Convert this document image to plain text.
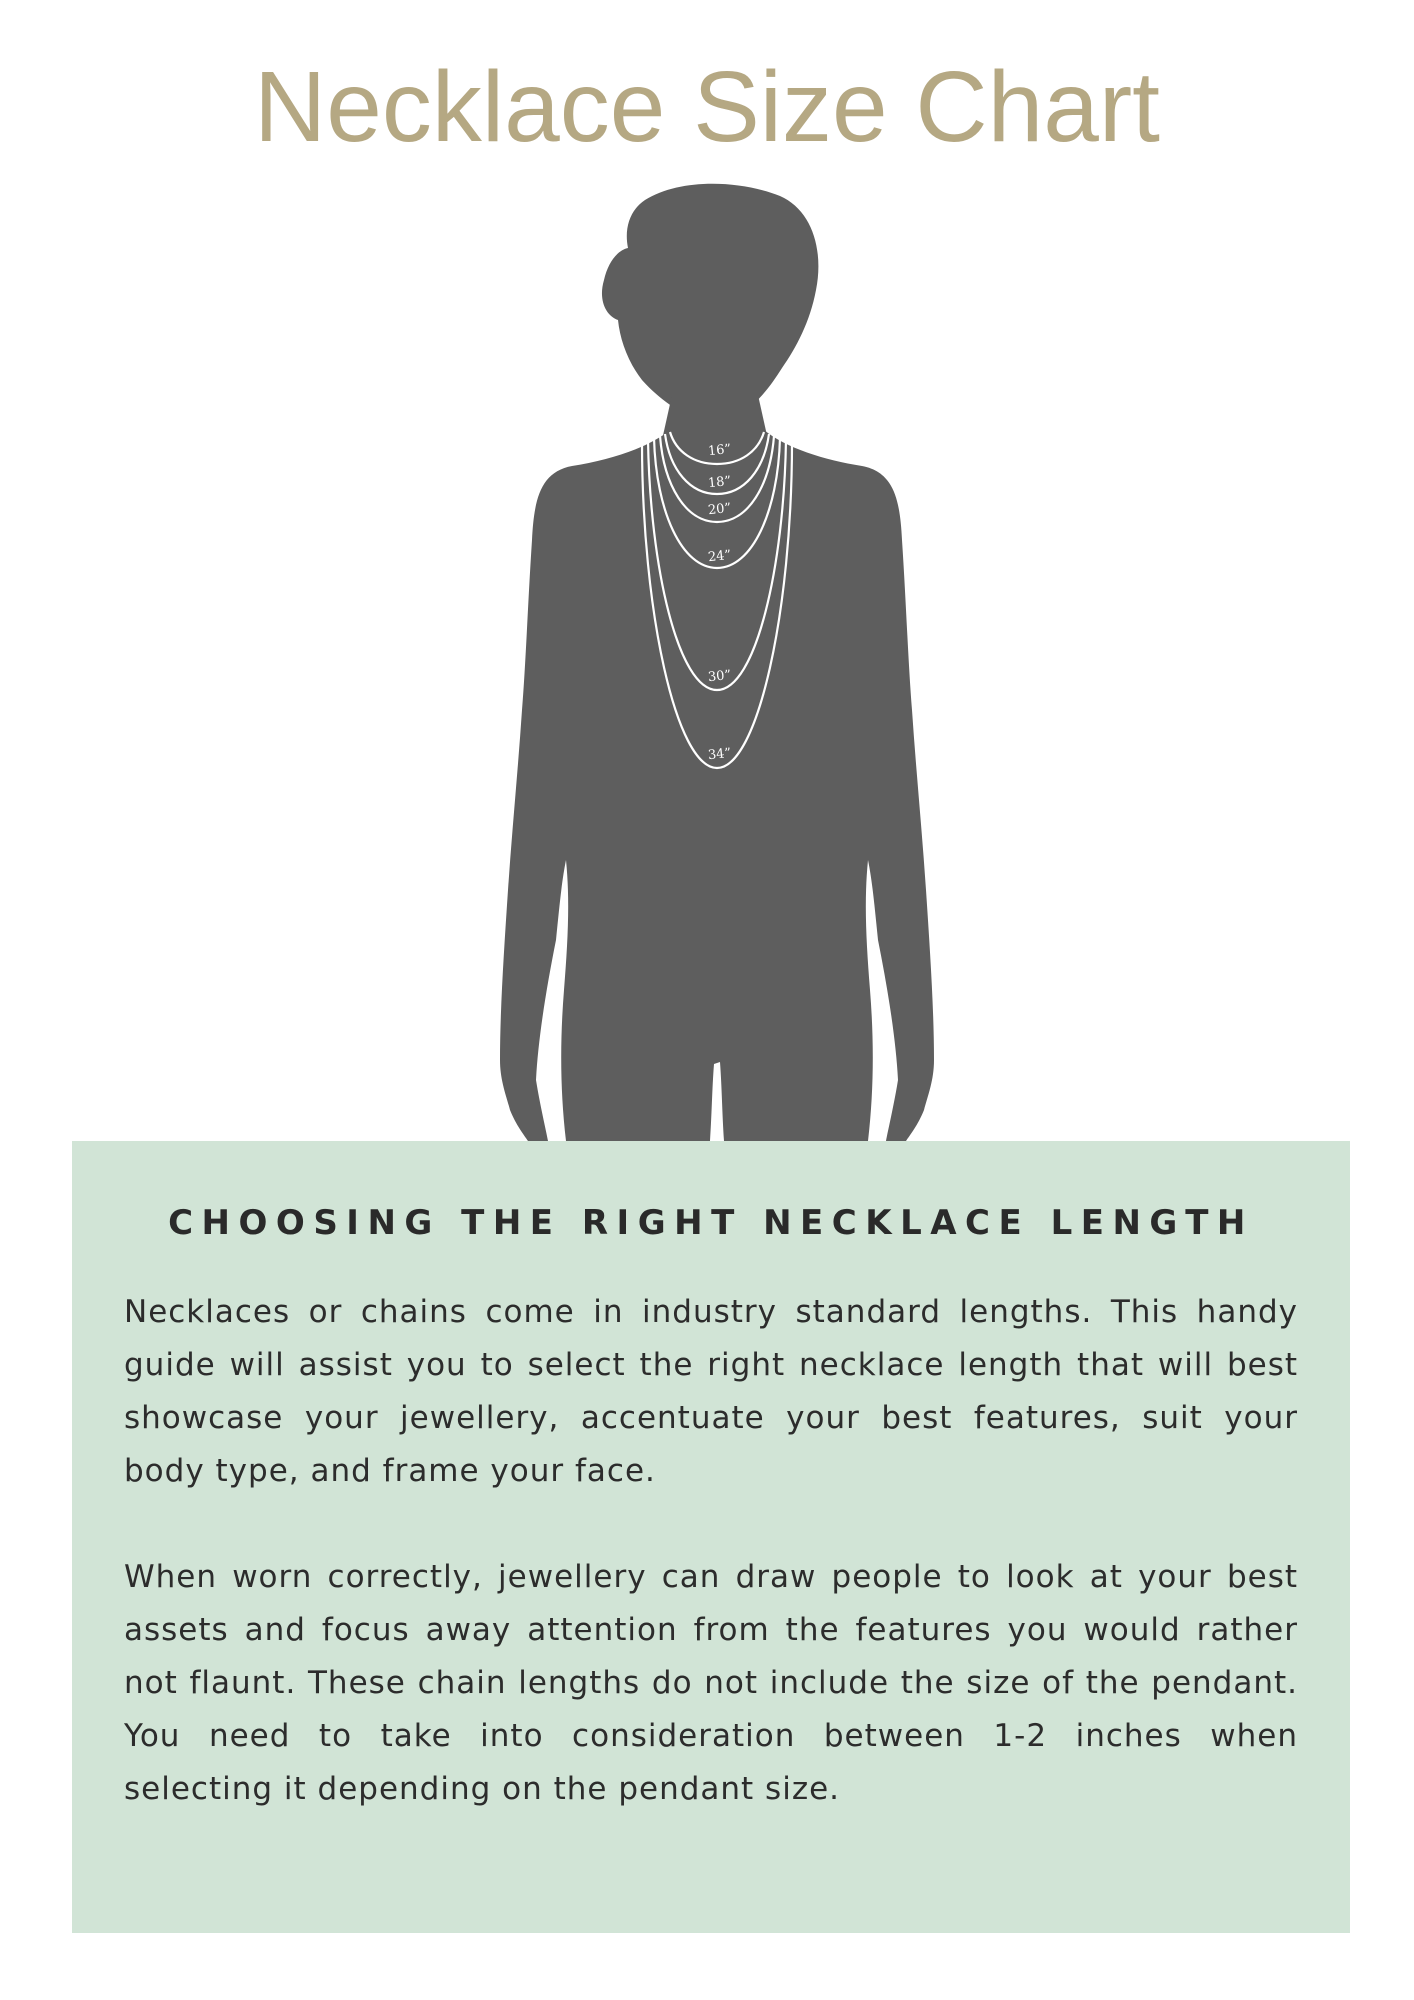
Necklace Size Chart
16”
18”
20”
24”
30”
34”
CHOOSING THE RIGHT NECKLACE LENGTH

Necklaces or chains come in industry standard lengths. This handy guide will assist you to select the right necklace length that will best showcase your jewellery, accentuate your best features, suit your body type, and frame your face.

When worn correctly, jewellery can draw people to look at your best assets and focus away attention from the features you would rather not flaunt. These chain lengths do not include the size of the pendant. You need to take into consideration between 1-2 inches when selecting it depending on the pendant size.
